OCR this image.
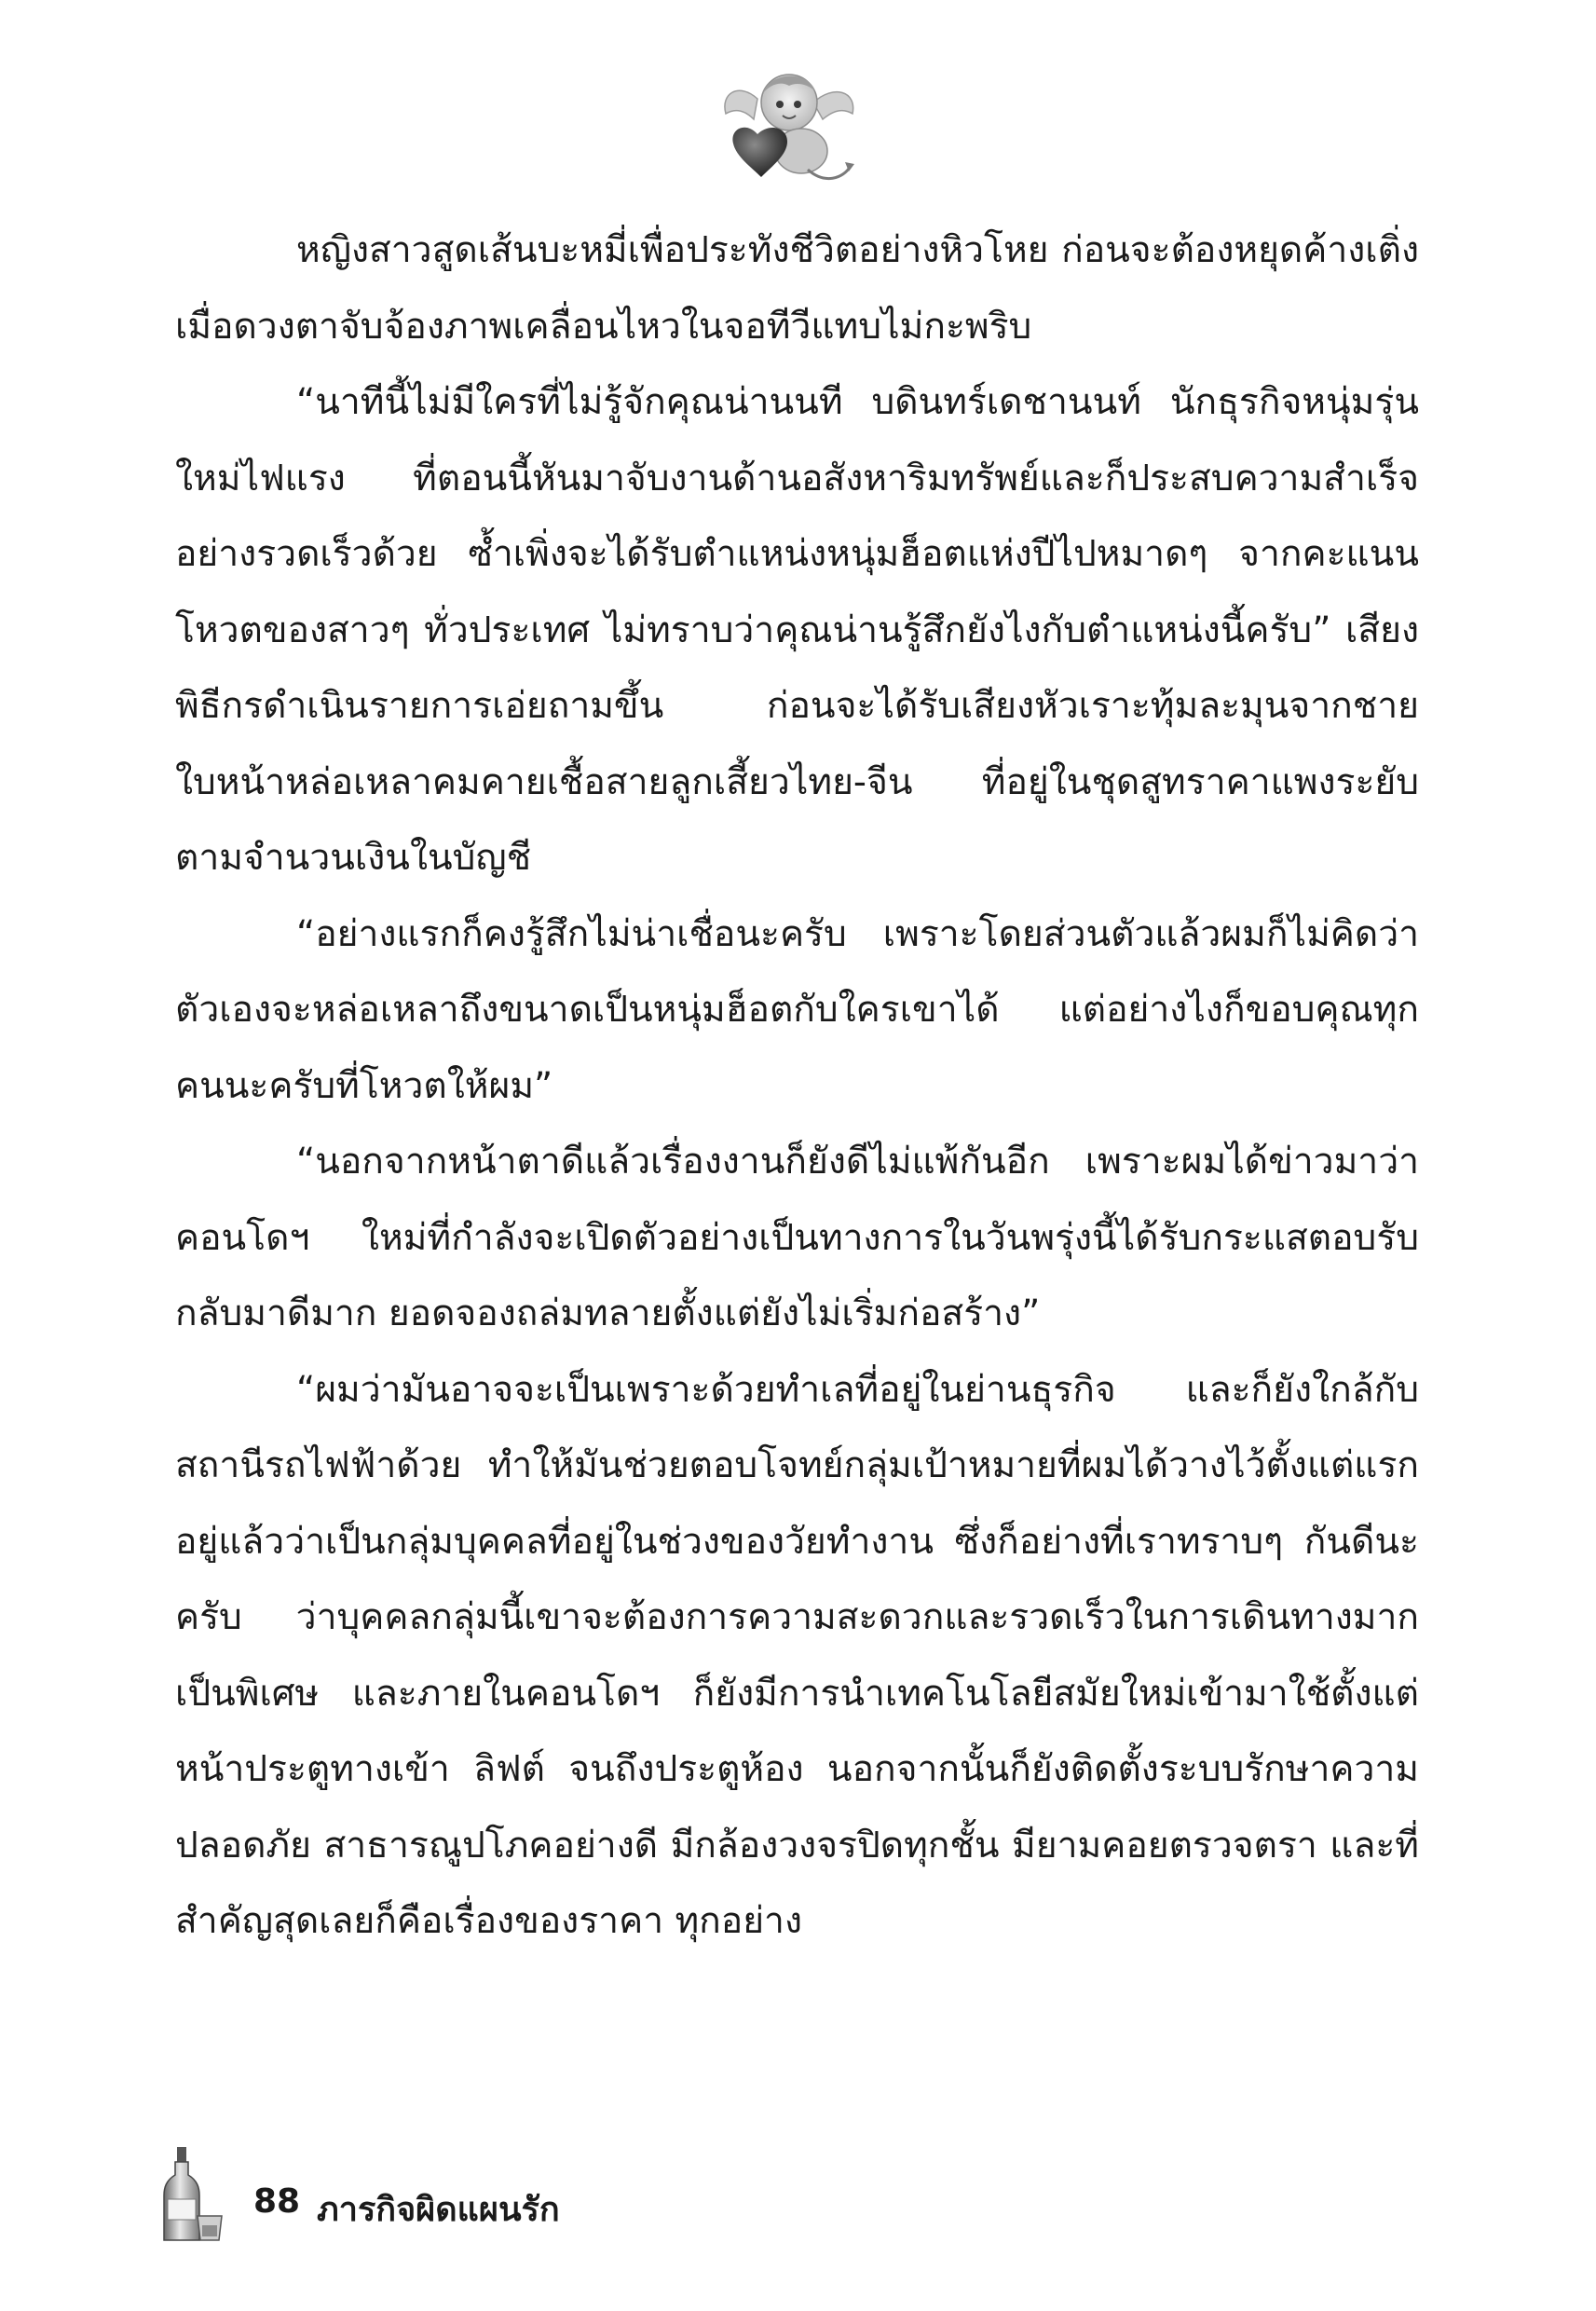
หญิงสาวสูดเส้นบะหมี่เพื่อประทังชีวิตอย่างหิวโหย ก่อนจะต้องหยุดค้างเติ่ง เมื่อดวงตาจับจ้องภาพเคลื่อนไหวในจอทีวีแทบไม่กะพริบ

“นาทีนี้ไม่มีใครที่ไม่รู้จักคุณน่านนที บดินทร์เดชานนท์ นักธุรกิจหนุ่มรุ่นใหม่ไฟแรง ที่ตอนนี้หันมาจับงานด้านอสังหาริมทรัพย์และก็ประสบความสำเร็จอย่างรวดเร็วด้วย ซ้ำเพิ่งจะได้รับตำแหน่งหนุ่มฮ็อตแห่งปีไปหมาดๆ จากคะแนนโหวตของสาวๆ ทั่วประเทศ ไม่ทราบว่าคุณน่านรู้สึกยังไงกับตำแหน่งนี้ครับ” เสียงพิธีกรดำเนินรายการเอ่ยถามขึ้น ก่อนจะได้รับเสียงหัวเราะทุ้มละมุนจากชายใบหน้าหล่อเหลาคมคายเชื้อสายลูกเสี้ยวไทย-จีน ที่อยู่ในชุดสูทราคาแพงระยับตามจำนวนเงินในบัญชี

“อย่างแรกก็คงรู้สึกไม่น่าเชื่อนะครับ เพราะโดยส่วนตัวแล้วผมก็ไม่คิดว่าตัวเองจะหล่อเหลาถึงขนาดเป็นหนุ่มฮ็อตกับใครเขาได้ แต่อย่างไงก็ขอบคุณทุกคนนะครับที่โหวตให้ผม”

“นอกจากหน้าตาดีแล้วเรื่องงานก็ยังดีไม่แพ้กันอีก เพราะผมได้ข่าวมาว่าคอนโดฯ ใหม่ที่กำลังจะเปิดตัวอย่างเป็นทางการในวันพรุ่งนี้ได้รับกระแสตอบรับกลับมาดีมาก ยอดจองถล่มทลายตั้งแต่ยังไม่เริ่มก่อสร้าง”

“ผมว่ามันอาจจะเป็นเพราะด้วยทำเลที่อยู่ในย่านธุรกิจ และก็ยังใกล้กับสถานีรถไฟฟ้าด้วย ทำให้มันช่วยตอบโจทย์กลุ่มเป้าหมายที่ผมได้วางไว้ตั้งแต่แรกอยู่แล้วว่าเป็นกลุ่มบุคคลที่อยู่ในช่วงของวัยทำงาน ซึ่งก็อย่างที่เราทราบๆ กันดีนะครับ ว่าบุคคลกลุ่มนี้เขาจะต้องการความสะดวกและรวดเร็วในการเดินทางมากเป็นพิเศษ และภายในคอนโดฯ ก็ยังมีการนำเทคโนโลยีสมัยใหม่เข้ามาใช้ตั้งแต่หน้าประตูทางเข้า ลิฟต์ จนถึงประตูห้อง นอกจากนั้นก็ยังติดตั้งระบบรักษาความปลอดภัย สาธารณูปโภคอย่างดี มีกล้องวงจรปิดทุกชั้น มียามคอยตรวจตรา และที่สำคัญสุดเลยก็คือเรื่องของราคา ทุกอย่าง

88 ภารกิจผิดแผนรัก
